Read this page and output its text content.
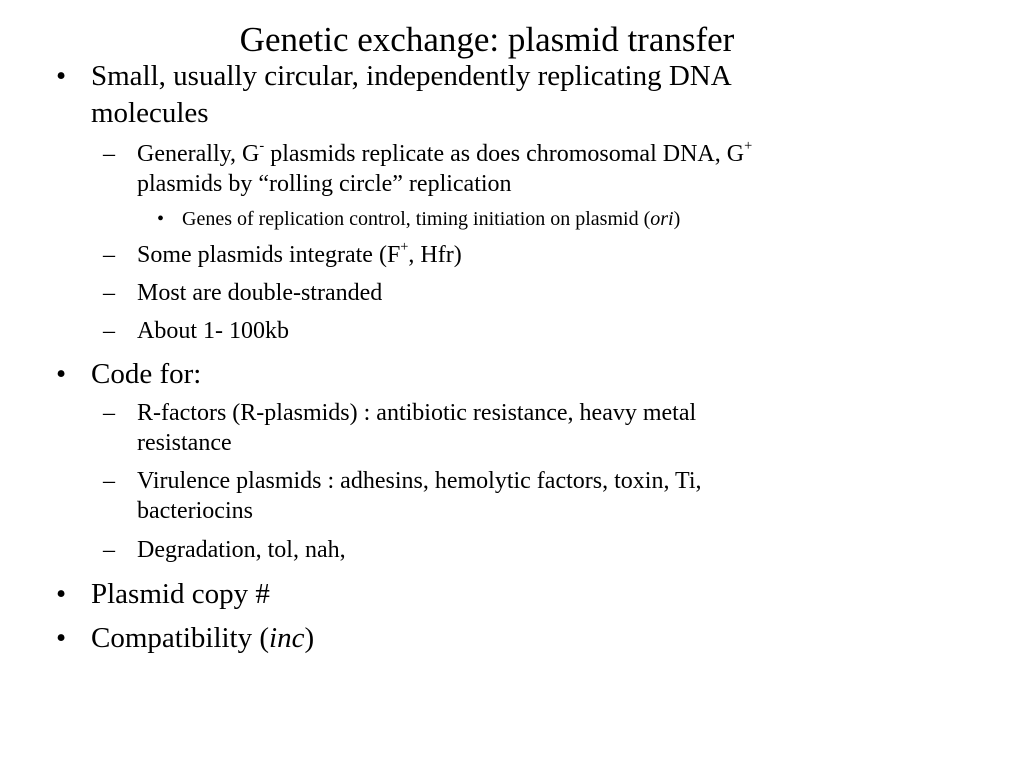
Genetic exchange: plasmid transfer
• Small, usually circular, independently replicating DNA
molecules
– Generally, G- plasmids replicate as does chromosomal DNA, G+
plasmids by “rolling circle” replication
• Genes of replication control, timing initiation on plasmid (ori)
– Some plasmids integrate (F+, Hfr)
– Most are double-stranded
– About 1- 100kb
• Code for:
– R-factors (R-plasmids) : antibiotic resistance, heavy metal
resistance
– Virulence plasmids : adhesins, hemolytic factors, toxin, Ti,
bacteriocins
– Degradation, tol, nah,
• Plasmid copy #
• Compatibility (inc)
